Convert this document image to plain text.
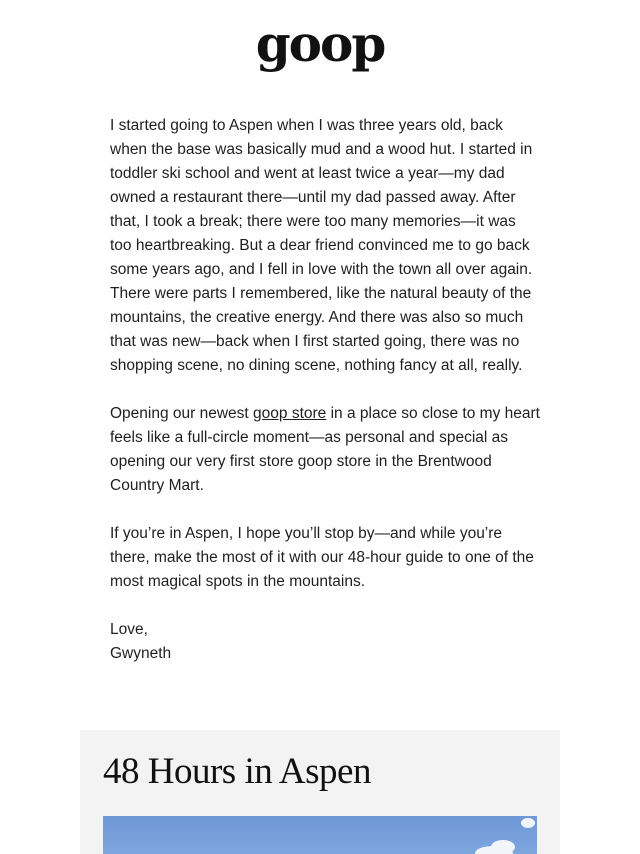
goop

I started going to Aspen when I was three years old, back when the base was basically mud and a wood hut. I started in toddler ski school and went at least twice a year—my dad owned a restaurant there—until my dad passed away. After that, I took a break; there were too many memories—it was too heartbreaking. But a dear friend convinced me to go back some years ago, and I fell in love with the town all over again. There were parts I remembered, like the natural beauty of the mountains, the creative energy. And there was also so much that was new—back when I first started going, there was no shopping scene, no dining scene, nothing fancy at all, really.

Opening our newest goop store in a place so close to my heart feels like a full-circle moment—as personal and special as opening our very first store goop store in the Brentwood Country Mart.

If you’re in Aspen, I hope you’ll stop by—and while you’re there, make the most of it with our 48-hour guide to one of the most magical spots in the mountains.

Love,
Gwyneth

48 Hours in Aspen
